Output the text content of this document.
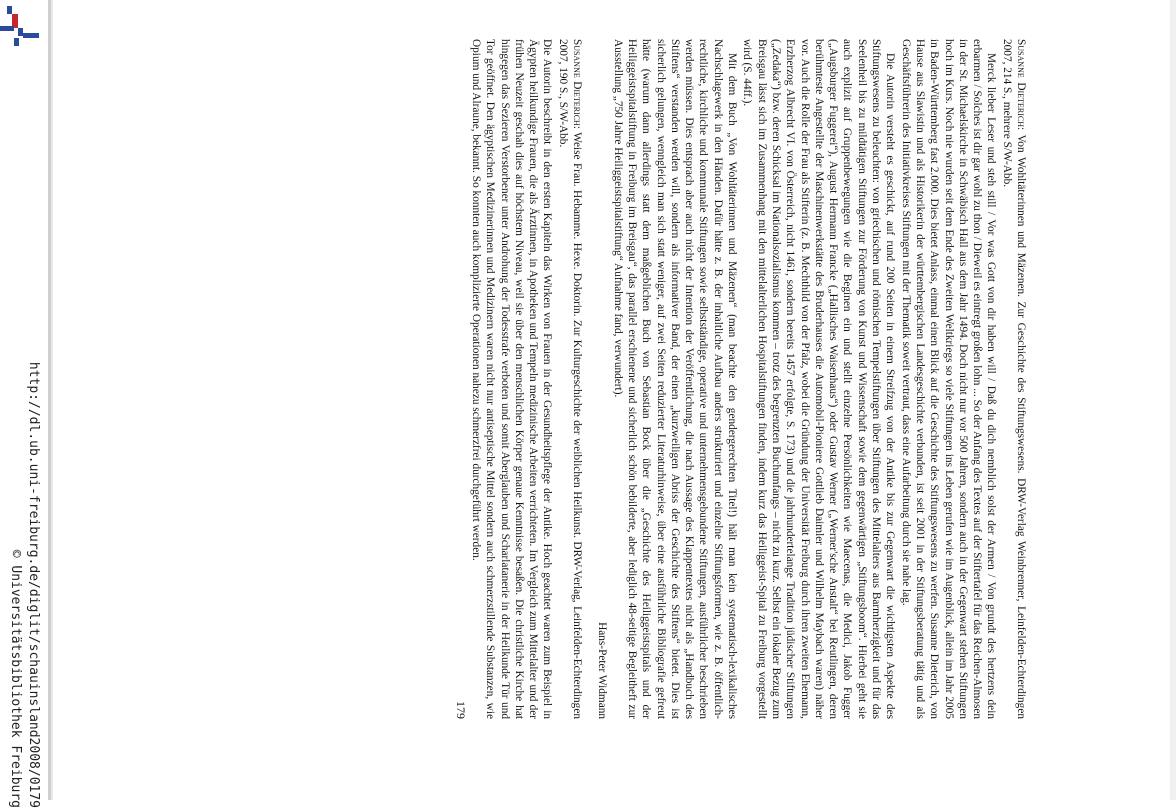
http://dl.ub.uni-freiburg.de/diglit/schauinsland2008/0179
© Universitätsbibliothek Freiburg

Susanne Dieterich: Von Wohltäterinnen und Mäzenen. Zur Geschichte des Stiftungswesens. DRW-Verlag Weinbrenner, Leinfelden-Echterdingen 2007, 214 S., mehrere S/W-Abb.

Merck lieber Leser und steh still / Vor was Gott von dir haben will / Daß du dich nemblich solst der Armen / Von grundt des hertzens dein erbarmen / Solches ist dir gar wohl zu thon / Dieweil es eintregt großen lohn ... So der Anfang des Textes auf der Stiftertafel für das Reichen-Almosen in der St. Michaelskirche in Schwäbisch Hall aus dem Jahr 1494. Doch nicht nur vor 500 Jahren, sondern auch in der Gegenwart stehen Stiftungen hoch im Kurs. Noch nie wurden seit dem Ende des Zweiten Weltkriegs so viele Stiftungen ins Leben gerufen wie im Augenblick, allein im Jahr 2005 in Baden-Württemberg fast 2.000. Dies bietet Anlass, einmal einen Blick auf die Geschichte des Stiftungswesens zu werfen. Susanne Dieterich, von Hause aus Slawistin und als Historikerin der württembergischen Landesgeschichte verbunden, ist seit 2001 in der Stiftungsberatung tätig und als Geschäftsführerin des Initiativkreises Stiftungen mit der Thematik soweit vertraut, dass eine Aufarbeitung durch sie nahe lag.

Die Autorin versteht es geschickt, auf rund 200 Seiten in einem Streifzug von der Antike bis zur Gegenwart die wichtigsten Aspekte des Stiftungswesens zu beleuchten: von griechischen und römischen Tempelstiftungen über Stiftungen des Mittelalters aus Barmherzigkeit und für das Seelenheil bis zu mildtätigen Stiftungen zur Förderung von Kunst und Wissenschaft sowie dem gegenwärtigen „Stiftungsboom“. Hierbei geht sie auch explizit auf Gruppenbewegungen wie die Beginen ein und stellt einzelne Persönlichkeiten wie Maecenas, die Medici, Jakob Fugger („Augsburger Fuggerei“), August Hermann Francke („Hallisches Waisenhaus“) oder Gustav Werner („Werner'sche Anstalt“ bei Reutlingen, deren berühmteste Angestellte der Maschinenwerkstätte des Bruderhauses die Automobil-Pioniere Gottlieb Daimler und Wilhelm Maybach waren) näher vor. Auch die Rolle der Frau als Stifterin (z. B. Mechthild von der Pfalz, wobei die Gründung der Universität Freiburg durch ihren zweiten Ehemann, Erzherzog Albrecht VI. von Österreich, nicht 1461, sondern bereits 1457 erfolgte, S. 173) und die jahrhundertelange Tradition jüdischer Stiftungen („Zedaka“) bzw. deren Schicksal im Nationalsozialismus kommen – trotz des begrenzten Buchumfangs – nicht zu kurz. Selbst ein lokaler Bezug zum Breisgau lässt sich im Zusammenhang mit den mittelalterlichen Hospitalstiftungen finden, indem kurz das Heiliggeist-Spital zu Freiburg vorgestellt wird (S. 44ff.).

Mit dem Buch „Von Wohltäterinnen und Mäzenen“ (man beachte den gendergerechten Titel!) hält man kein systematisch-lexikalisches Nachschlagewerk in den Händen. Dafür hätte z. B. der inhaltliche Aufbau anders strukturiert und einzelne Stiftungsformen, wie z. B. öffentlich-rechtliche, kirchliche und kommunale Stiftungen sowie selbstständige, operative und unternehmensgebundene Stiftungen, ausführlicher beschrieben werden müssen. Dies entsprach aber auch nicht der Intention der Veröffentlichung, die nach Aussage des Klappentextes nicht als „Handbuch des Stiftens“ verstanden werden will, sondern als informativer Band, der einen „kurzweiligen Abriss der Geschichte des Stiftens“ bietet. Dies ist sicherlich gelungen, wenngleich man sich statt weniger, auf zwei Seiten reduzierter Literaturhinweise, über eine ausführliche Bibliografie gefreut hätte (warum dann allerdings statt dem maßgeblichen Buch von Sebastian Bock über die „Geschichte des Heiliggeistspitals und der Heiliggeistspitalstiftung in Freiburg im Breisgau“, das parallel erschienene und sicherlich schön bebilderte, aber lediglich 48-seitige Begleitheft zur Ausstellung „750 Jahre Heiliggeistspitalstiftung“ Aufnahme fand, verwundert).

Hans-Peter Widmann

Susanne Dieterich: Weise Frau. Hebamme. Hexe. Doktorin. Zur Kulturgeschichte der weiblichen Heilkunst. DRW-Verlag, Leinfelden-Echterdingen 2007, 190 S., S/W-Abb.

Die Autorin beschreibt in den ersten Kapiteln das Wirken von Frauen in der Gesundheitspflege der Antike. Hoch geachtet waren zum Beispiel in Ägypten heilkundige Frauen, die als Ärztinnen, in Apotheken und Tempeln medizinische Arbeiten verrichteten. Im Vergleich zum Mittelalter und der frühen Neuzeit geschah dies auf höchstem Niveau, weil sie über den menschlichen Körper genaue Kenntnisse besaßen. Die christliche Kirche hat hingegen das Sezieren Verstorbener unter Androhung der Todesstrafe verboten und somit Aberglauben und Scharlatanerie in der Heilkunde Tür und Tor geöffnet. Den ägyptischen Medizinerinnen und Medizinern waren nicht nur antiseptische Mittel sondern auch schmerzstillende Substanzen, wie Opium und Alraune, bekannt. So konnten auch komplizierte Operationen nahezu schmerzfrei durchgeführt werden.

179
